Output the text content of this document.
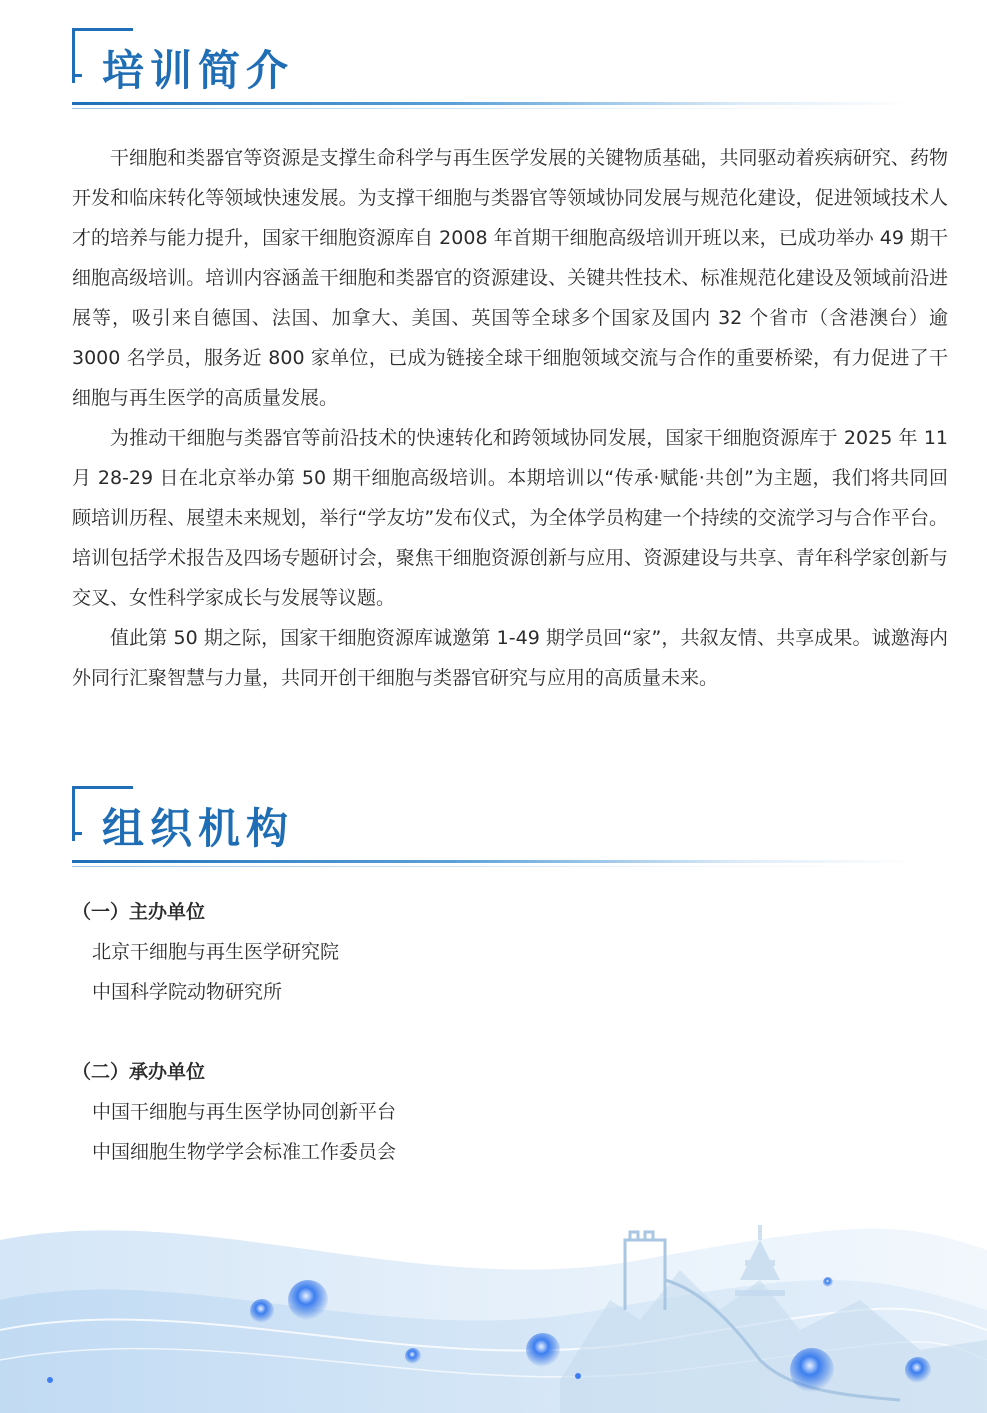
培训简介

干细胞和类器官等资源是支撑生命科学与再生医学发展的关键物质基础，共同驱动着疾病研究、药物开发和临床转化等领域快速发展。为支撑干细胞与类器官等领域协同发展与规范化建设，促进领域技术人才的培养与能力提升，国家干细胞资源库自 2008 年首期干细胞高级培训开班以来，已成功举办 49 期干细胞高级培训。培训内容涵盖干细胞和类器官的资源建设、关键共性技术、标准规范化建设及领域前沿进展等，吸引来自德国、法国、加拿大、美国、英国等全球多个国家及国内 32 个省市（含港澳台）逾 3000 名学员，服务近 800 家单位，已成为链接全球干细胞领域交流与合作的重要桥梁，有力促进了干细胞与再生医学的高质量发展。

为推动干细胞与类器官等前沿技术的快速转化和跨领域协同发展，国家干细胞资源库于 2025 年 11 月 28-29 日在北京举办第 50 期干细胞高级培训。本期培训以“传承·赋能·共创”为主题，我们将共同回顾培训历程、展望未来规划，举行“学友坊”发布仪式，为全体学员构建一个持续的交流学习与合作平台。培训包括学术报告及四场专题研讨会，聚焦干细胞资源创新与应用、资源建设与共享、青年科学家创新与交叉、女性科学家成长与发展等议题。

值此第 50 期之际，国家干细胞资源库诚邀第 1-49 期学员回“家”，共叙友情、共享成果。诚邀海内外同行汇聚智慧与力量，共同开创干细胞与类器官研究与应用的高质量未来。

组织机构

（一）主办单位

北京干细胞与再生医学研究院

中国科学院动物研究所

（二）承办单位

中国干细胞与再生医学协同创新平台

中国细胞生物学学会标准工作委员会
